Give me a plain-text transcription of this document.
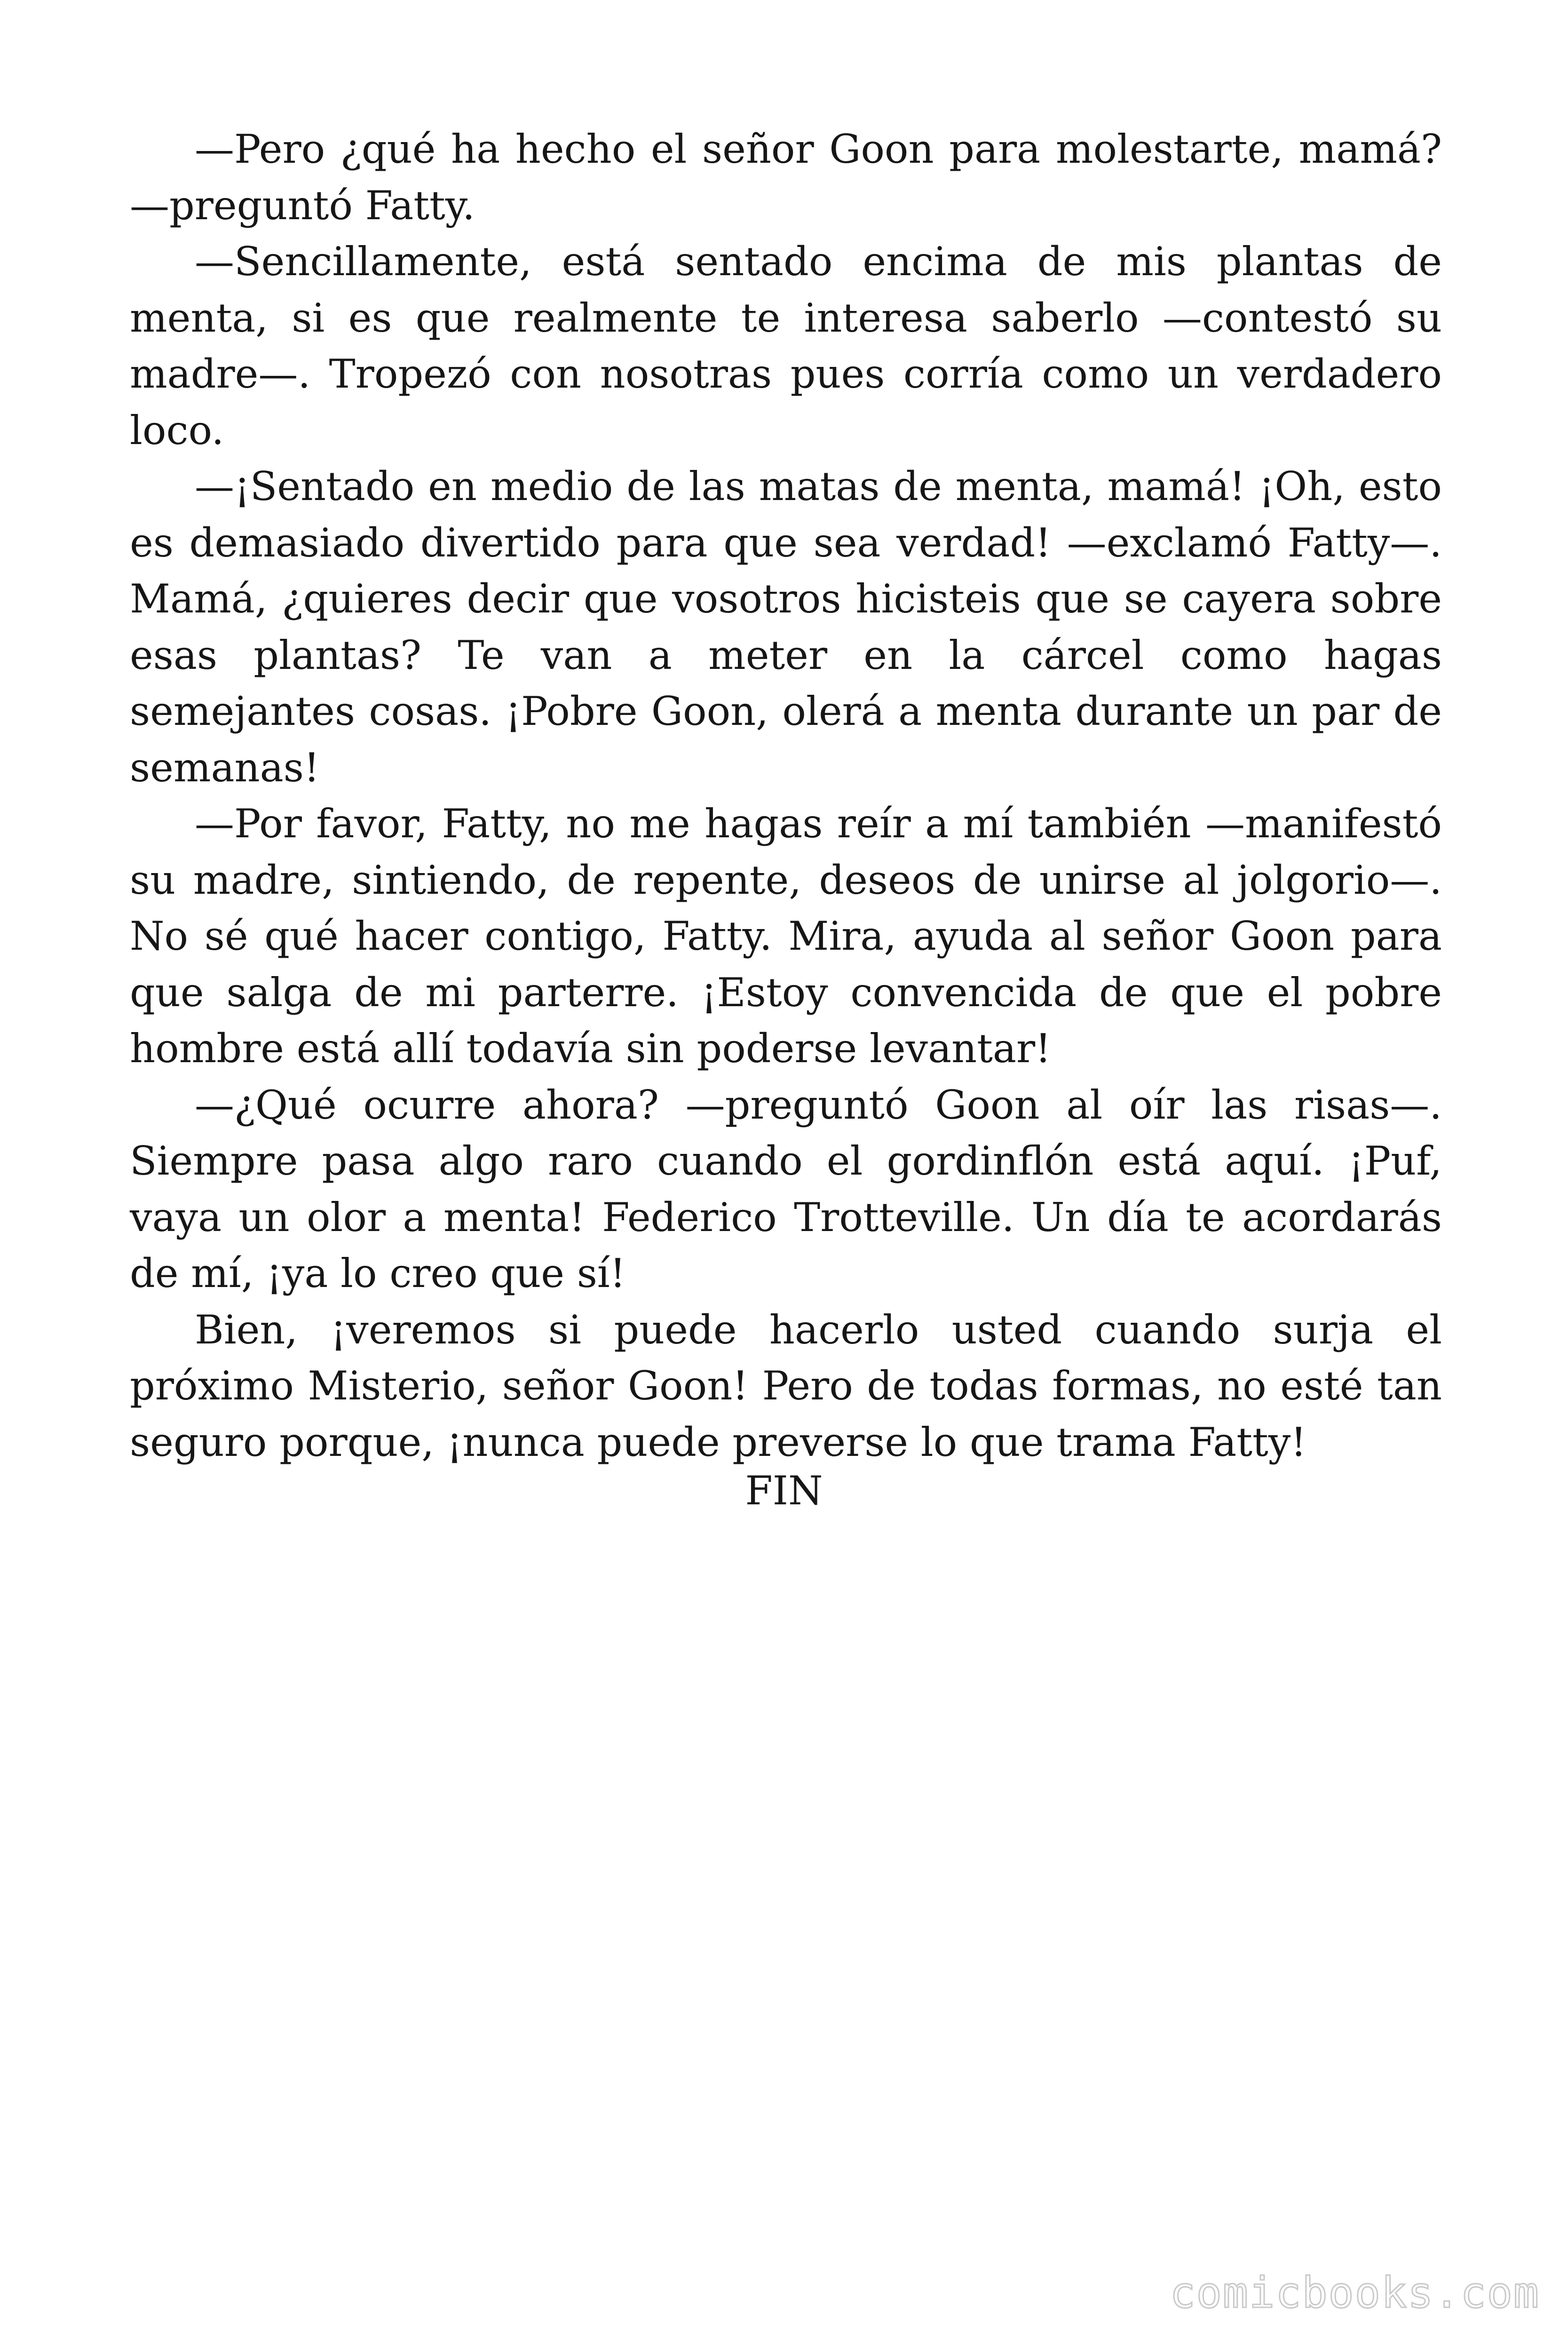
—Pero ¿qué ha hecho el señor Goon para molestarte, mamá? —preguntó Fatty.

—Sencillamente, está sentado encima de mis plantas de menta, si es que realmente te interesa saberlo —contestó su madre—. Tropezó con nosotras pues corría como un verdadero loco.

—¡Sentado en medio de las matas de menta, mamá! ¡Oh, esto es demasiado divertido para que sea verdad! —exclamó Fatty—. Mamá, ¿quieres decir que vosotros hicisteis que se cayera sobre esas plantas? Te van a meter en la cárcel como hagas semejantes cosas. ¡Pobre Goon, olerá a menta durante un par de semanas!

—Por favor, Fatty, no me hagas reír a mí también —manifestó su madre, sintiendo, de repente, deseos de unirse al jolgorio—. No sé qué hacer contigo, Fatty. Mira, ayuda al señor Goon para que salga de mi parterre. ¡Estoy convencida de que el pobre hombre está allí todavía sin poderse levantar!

—¿Qué ocurre ahora? —preguntó Goon al oír las risas—. Siempre pasa algo raro cuando el gordinflón está aquí. ¡Puf, vaya un olor a menta! Federico Trotteville. Un día te acordarás de mí, ¡ya lo creo que sí!

Bien, ¡veremos si puede hacerlo usted cuando surja el próximo Misterio, señor Goon! Pero de todas formas, no esté tan seguro porque, ¡nunca puede preverse lo que trama Fatty!

FIN
comicbooks.com
